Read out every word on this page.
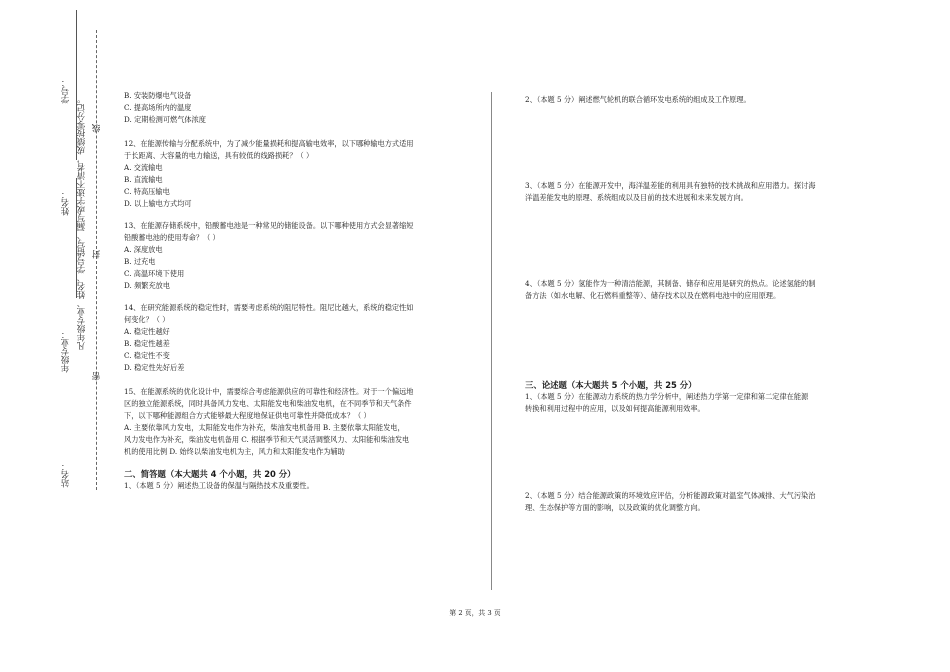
学号：
姓名：
年级专业：
站名：
凡年级专业、姓名、学号错写、漏写或字迹不清者，成绩按零分记。
密
封
线
B. 安装防爆电气设备
C. 提高场所内的温度
D. 定期检测可燃气体浓度
12、在能源传输与分配系统中，为了减少能量损耗和提高输电效率，以下哪种输电方式适用
于长距离、大容量的电力输送，具有较低的线路损耗？（ ）
A. 交流输电
B. 直流输电
C. 特高压输电
D. 以上输电方式均可
13、在能源存储系统中，铅酸蓄电池是一种常见的储能设备。以下哪种使用方式会显著缩短
铅酸蓄电池的使用寿命？（ ）
A. 深度放电
B. 过充电
C. 高温环境下使用
D. 频繁充放电
14、在研究能源系统的稳定性时，需要考虑系统的阻尼特性。阻尼比越大，系统的稳定性如
何变化？（ ）
A. 稳定性越好
B. 稳定性越差
C. 稳定性不变
D. 稳定性先好后差
15、在能源系统的优化设计中，需要综合考虑能源供应的可靠性和经济性。对于一个偏远地
区的独立能源系统，同时具备风力发电、太阳能发电和柴油发电机，在不同季节和天气条件
下，以下哪种能源组合方式能够最大程度地保证供电可靠性并降低成本？（ ）
A. 主要依靠风力发电，太阳能发电作为补充，柴油发电机备用 B. 主要依靠太阳能发电，
风力发电作为补充，柴油发电机备用 C. 根据季节和天气灵活调整风力、太阳能和柴油发电
机的使用比例 D. 始终以柴油发电机为主，风力和太阳能发电作为辅助
二、简答题（本大题共 4 个小题，共 20 分）
1、（本题 5 分）阐述热工设备的保温与隔热技术及重要性。
2、（本题 5 分）阐述燃气轮机的联合循环发电系统的组成及工作原理。
3、（本题 5 分）在能源开发中，海洋温差能的利用具有独特的技术挑战和应用潜力。探讨海
洋温差能发电的原理、系统组成以及目前的技术进展和未来发展方向。
4、（本题 5 分）氢能作为一种清洁能源，其制备、储存和应用是研究的热点。论述氢能的制
备方法（如水电解、化石燃料重整等）、储存技术以及在燃料电池中的应用原理。
三、论述题（本大题共 5 个小题，共 25 分）
1、（本题 5 分）在能源动力系统的热力学分析中，阐述热力学第一定律和第二定律在能源
转换和利用过程中的应用，以及如何提高能源利用效率。
2、（本题 5 分）结合能源政策的环境效应评估，分析能源政策对温室气体减排、大气污染治
理、生态保护等方面的影响，以及政策的优化调整方向。
第 2 页，共 3 页
